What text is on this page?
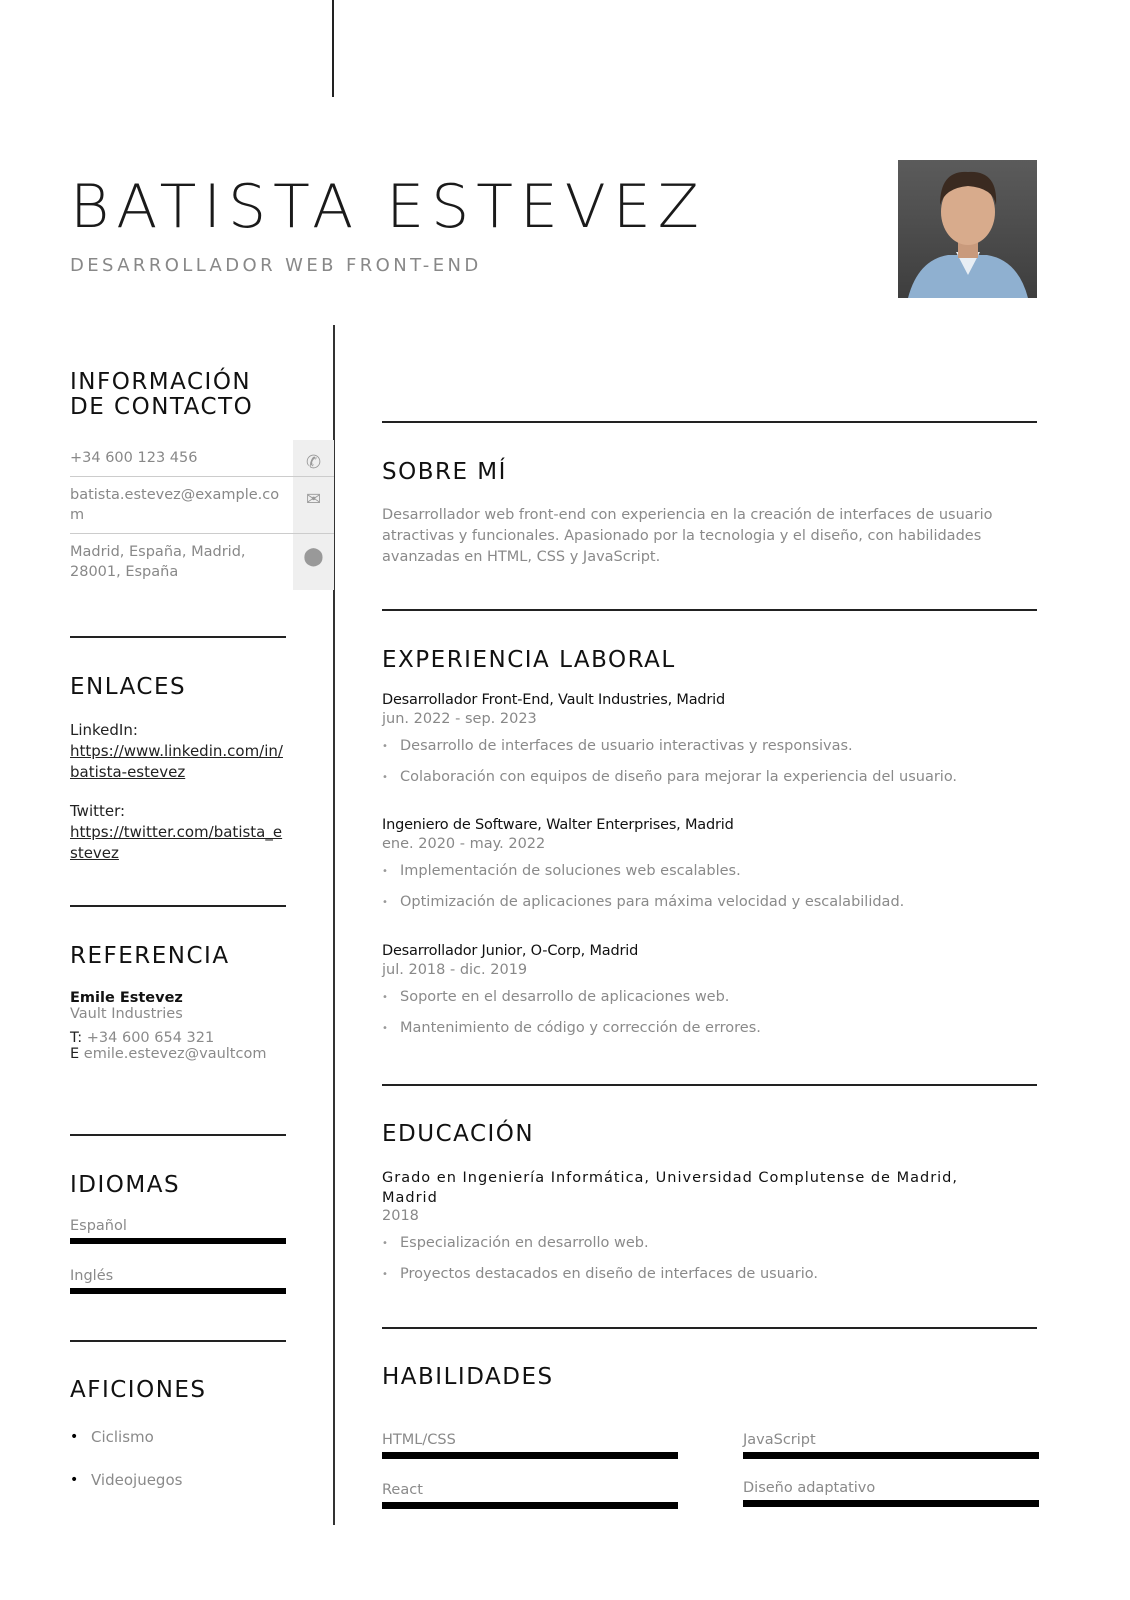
BATISTA ESTEVEZ
DESARROLLADOR WEB FRONT-END
INFORMACIÓN
DE CONTACTO
+34 600 123 456	✆
batista.estevez@example.com
✉
Madrid, España, Madrid, 28001, España
⬤
ENLACES
LinkedIn:
https://www.linkedin.com/in/batista-estevez
Twitter:
https://twitter.com/batista_estevez
REFERENCIA
Emile Estevez
Vault Industries
T: +34 600 654 321
E emile.estevez@vaultcom
IDIOMAS
Español
Inglés
AFICIONES
• Ciclismo
• Videojuegos
SOBRE MÍ

Desarrollador web front-end con experiencia en la creación de interfaces de usuario atractivas y funcionales. Apasionado por la tecnologia y el diseño, con habilidades avanzadas en HTML, CSS y JavaScript.

EXPERIENCIA LABORAL
Desarrollador Front-End, Vault Industries, Madrid
jun. 2022 - sep. 2023
• Desarrollo de interfaces de usuario interactivas y responsivas.
• Colaboración con equipos de diseño para mejorar la experiencia del usuario.
Ingeniero de Software, Walter Enterprises, Madrid
ene. 2020 - may. 2022
• Implementación de soluciones web escalables.
• Optimización de aplicaciones para máxima velocidad y escalabilidad.
Desarrollador Junior, O-Corp, Madrid
jul. 2018 - dic. 2019
• Soporte en el desarrollo de aplicaciones web.
• Mantenimiento de código y corrección de errores.
EDUCACIÓN
Grado en Ingeniería Informática, Universidad Complutense de Madrid, Madrid
2018
• Especialización en desarrollo web.
• Proyectos destacados en diseño de interfaces de usuario.
HABILIDADES
HTML/CSS	JavaScript
React	Diseño adaptativo
